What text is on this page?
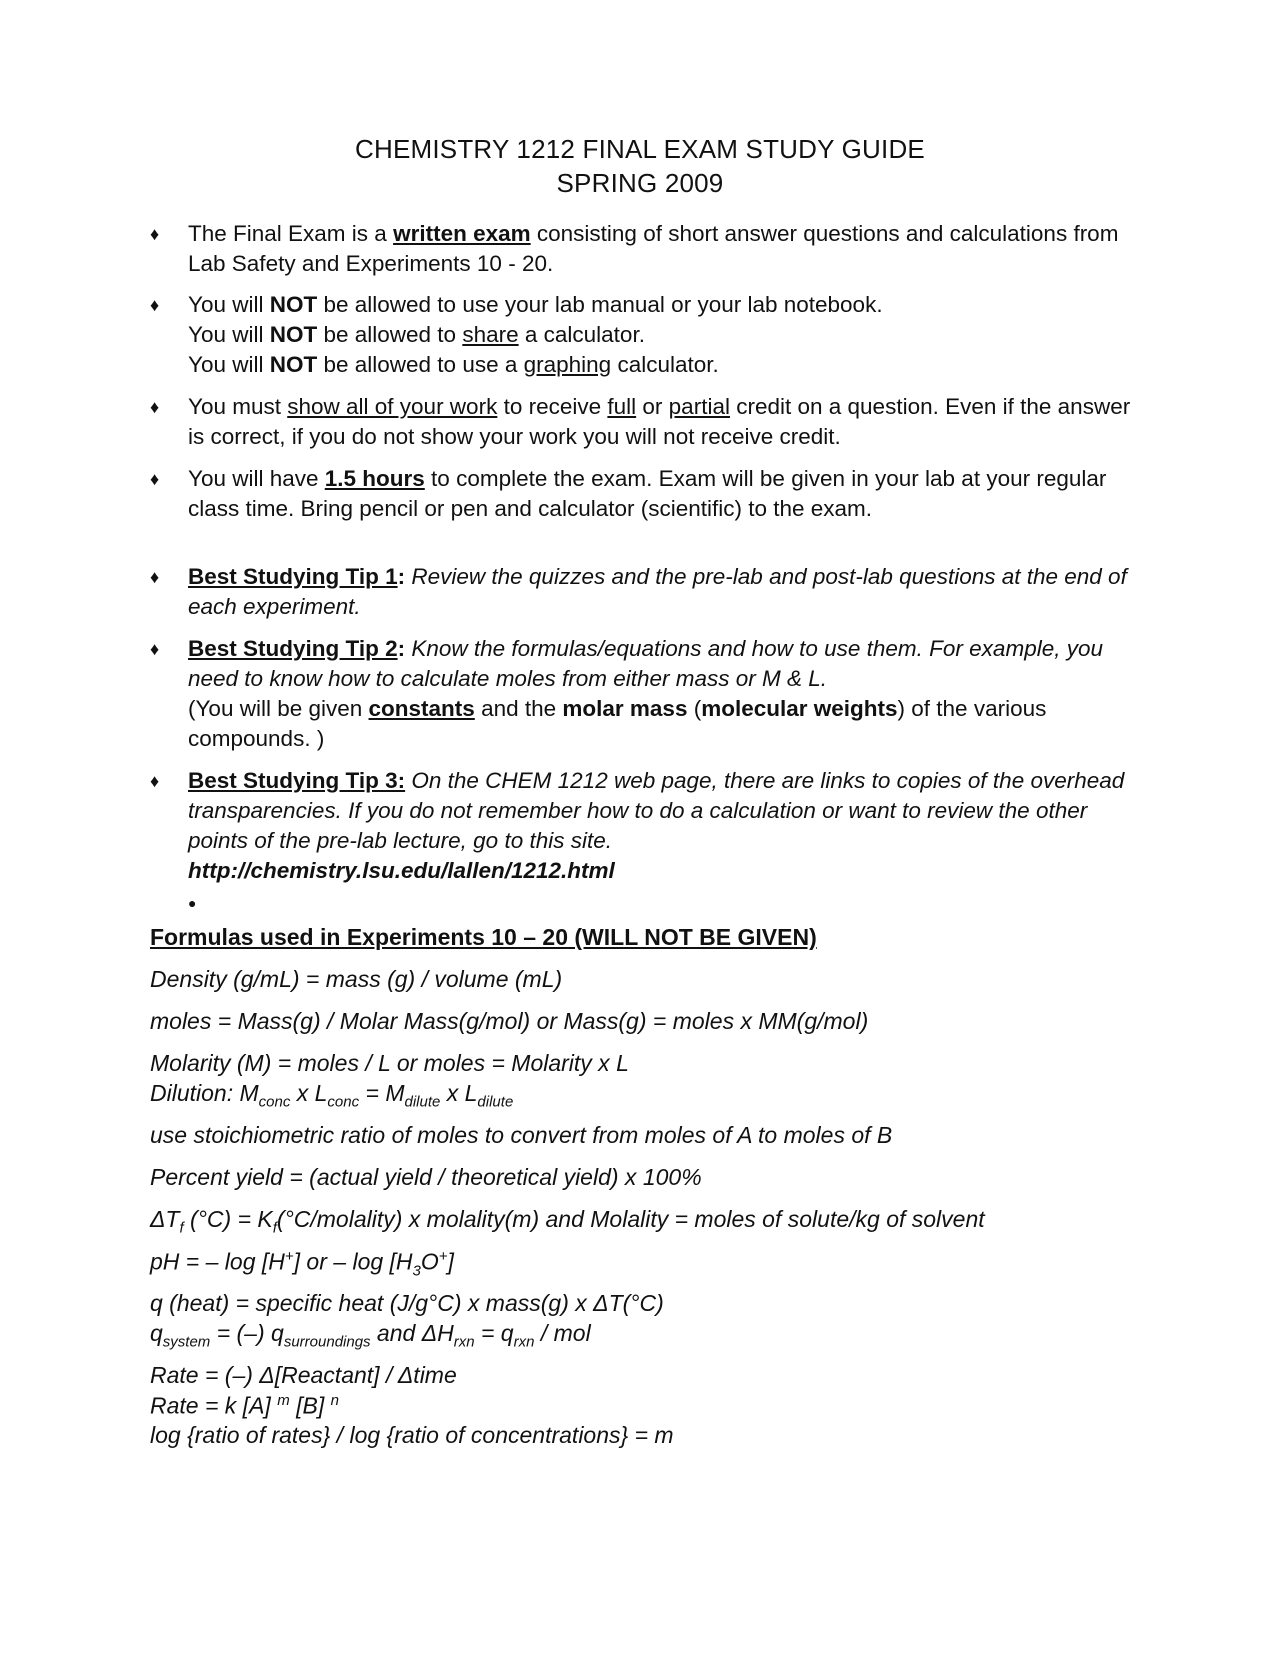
CHEMISTRY 1212 FINAL EXAM STUDY GUIDE
SPRING 2009

♦ The Final Exam is a written exam consisting of short answer questions and calculations from Lab Safety and Experiments 10 - 20.

♦ You will NOT be allowed to use your lab manual or your lab notebook.
You will NOT be allowed to share a calculator.
You will NOT be allowed to use a graphing calculator.

♦ You must show all of your work to receive full or partial credit on a question. Even if the answer is correct, if you do not show your work you will not receive credit.

♦ You will have 1.5 hours to complete the exam. Exam will be given in your lab at your regular class time. Bring pencil or pen and calculator (scientific) to the exam.

♦ Best Studying Tip 1: Review the quizzes and the pre-lab and post-lab questions at the end of each experiment.

♦ Best Studying Tip 2: Know the formulas/equations and how to use them. For example, you need to know how to calculate moles from either mass or M & L.
(You will be given constants and the molar mass (molecular weights) of the various compounds. )

♦ Best Studying Tip 3: On the CHEM 1212 web page, there are links to copies of the overhead transparencies. If you do not remember how to do a calculation or want to review the other points of the pre-lab lecture, go to this site.
http://chemistry.lsu.edu/lallen/1212.html
●

Formulas used in Experiments 10 – 20 (WILL NOT BE GIVEN)
Density (g/mL) = mass (g) / volume (mL)
moles = Mass(g) / Molar Mass(g/mol) or Mass(g) = moles x MM(g/mol)
Molarity (M) = moles / L or moles = Molarity x L
Dilution: $M_{conc}$ x $L_{conc} = M_{dilute}$ x $L_{dilute}$
use stoichiometric ratio of moles to convert from moles of A to moles of B
Percent yield = (actual yield / theoretical yield) x 100%
$\Delta T_f$ $(^\circ C) = K_f(^\circ C/molality)$ x molality(m) and Molality = moles of solute/kg of solvent
pH = – log [H+] or – $\log [H_3O^+]$
q (heat) = specific heat (J/g°C) x mass(g) x ΔT(°C)
$q_{system}$ = (–) $q_{surroundings}$ and $\Delta H_{rxn} = q_{rxn}$ / mol
Rate = (–) Δ[Reactant] / Δtime
Rate = k [A] $^m$ [B] $^n$
log {ratio of rates} / log {ratio of concentrations} = m
